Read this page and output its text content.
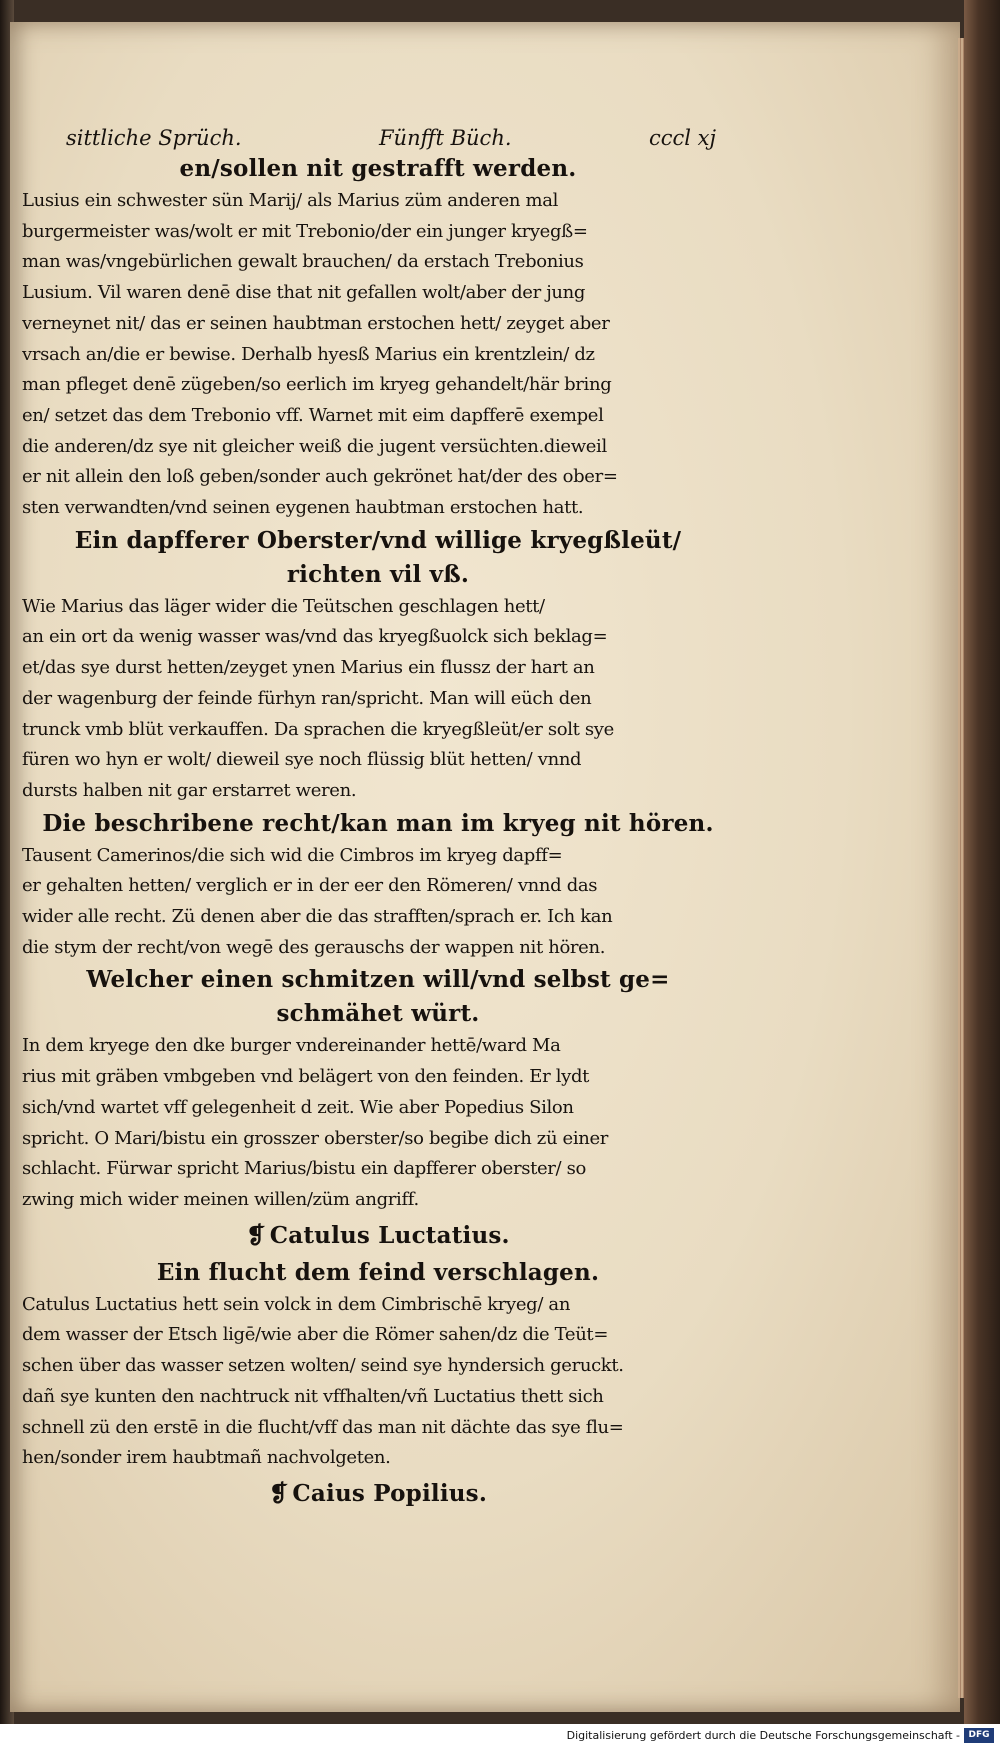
sittliche Sprüch.	Fünfft Büch.	cccl xj

en/sollen nit gestrafft werden.

Lusius ein schwester sün Marij/ als Marius züm anderen mal
burgermeister was/wolt er mit Trebonio/der ein junger kryegß=
man was/vngebürlichen gewalt brauchen/ da erstach Trebonius
Lusium. Vil waren denē dise that nit gefallen wolt/aber der jung
verneynet nit/ das er seinen haubtman erstochen hett/ zeyget aber
vrsach an/die er bewise. Derhalb hyesß Marius ein krentzlein/ dz
man pfleget denē zügeben/so eerlich im kryeg gehandelt/här bring
en/ setzet das dem Trebonio vff. Warnet mit eim dapfferē exempel
die anderen/dz sye nit gleicher weiß die jugent versüchten.dieweil
er nit allein den loß geben/sonder auch gekrönet hat/der des ober=
sten verwandten/vnd seinen eygenen haubtman erstochen hatt.

Ein dapfferer Oberster/vnd willige kryegßleüt/

richten vil vß.

Wie Marius das läger wider die Teütschen geschlagen hett/
an ein ort da wenig wasser was/vnd das kryegßuolck sich beklag=
et/das sye durst hetten/zeyget ynen Marius ein flussz der hart an
der wagenburg der feinde fürhyn ran/spricht. Man will eüch den
trunck vmb blüt verkauffen. Da sprachen die kryegßleüt/er solt sye
füren wo hyn er wolt/ dieweil sye noch flüssig blüt hetten/ vnnd
dursts halben nit gar erstarret weren.

Die beschribene recht/kan man im kryeg nit hören.

Tausent Camerinos/die sich wid die Cimbros im kryeg dapff=
er gehalten hetten/ verglich er in der eer den Römeren/ vnnd das
wider alle recht. Zü denen aber die das strafften/sprach er. Ich kan
die stym der recht/von wegē des gerauschs der wappen nit hören.

Welcher einen schmitzen will/vnd selbst ge=

schmähet würt.

In dem kryege den dke burger vndereinander hettē/ward Ma
rius mit gräben vmbgeben vnd belägert von den feinden. Er lydt
sich/vnd wartet vff gelegenheit d zeit. Wie aber Popedius Silon
spricht. O Mari/bistu ein grosszer oberster/so begibe dich zü einer
schlacht. Fürwar spricht Marius/bistu ein dapfferer oberster/ so
zwing mich wider meinen willen/züm angriff.

❡ Catulus Luctatius.

Ein flucht dem feind verschlagen.

Catulus Luctatius hett sein volck in dem Cimbrischē kryeg/ an
dem wasser der Etsch ligē/wie aber die Römer sahen/dz die Teüt=
schen über das wasser setzen wolten/ seind sye hyndersich geruckt.
dañ sye kunten den nachtruck nit vffhalten/vñ Luctatius thett sich
schnell zü den erstē in die flucht/vff das man nit dächte das sye flu=
hen/sonder irem haubtmañ nachvolgeten.

❡ Caius Popilius.

Digitalisierung gefördert durch die Deutsche Forschungsgemeinschaft - DFG
